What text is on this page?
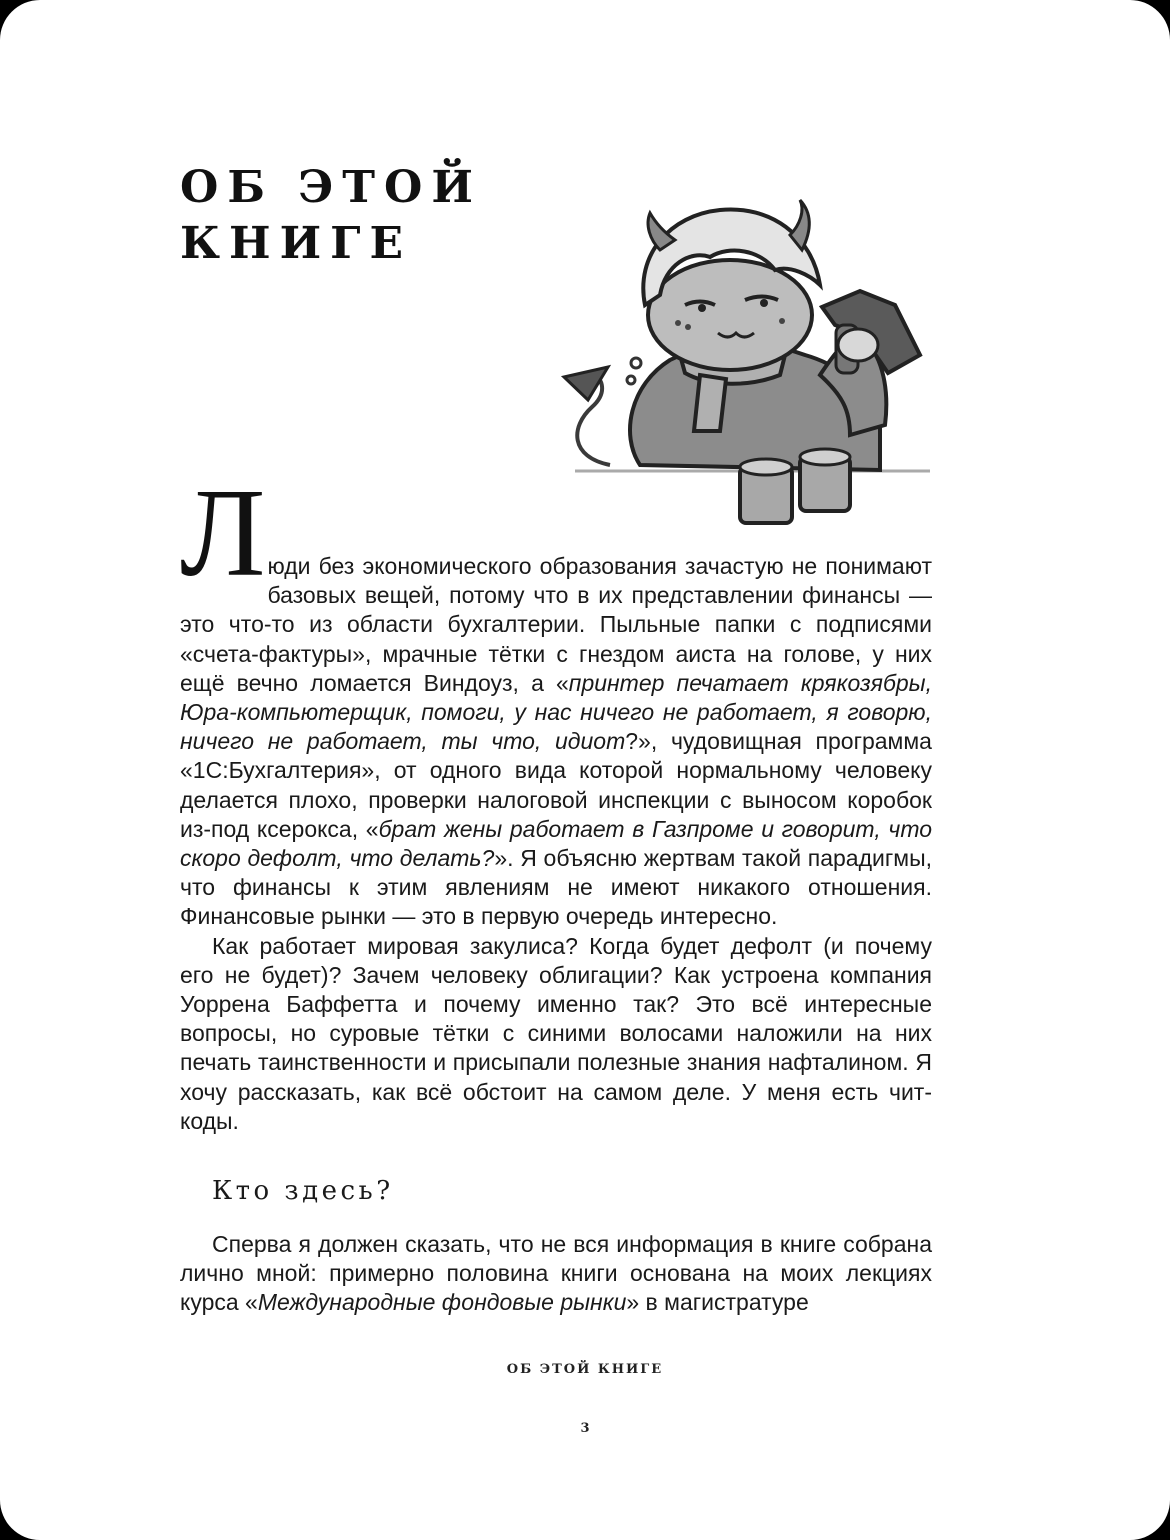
ОБ ЭТОЙ
КНИГЕ

Люди без экономического образования зачастую не понимают базовых вещей, потому что в их представлении финансы — это что-то из области бухгалтерии. Пыльные папки с подписями «счета-фактуры», мрачные тётки с гнездом аиста на голове, у них ещё вечно ломается Виндоуз, а «принтер печатает крякозябры, Юра-компьютерщик, помоги, у нас ничего не работает, я говорю, ничего не работает, ты что, идиот?», чудовищная программа «1С:Бухгалтерия», от одного вида которой нормальному человеку делается плохо, проверки налоговой инспекции с выносом коробок из-под ксерокса, «брат жены работает в Газпроме и говорит, что скоро дефолт, что делать?». Я объясню жертвам такой парадигмы, что финансы к этим явлениям не имеют никакого отношения. Финансовые рынки — это в первую очередь интересно.

Как работает мировая закулиса? Когда будет дефолт (и почему его не будет)? Зачем человеку облигации? Как устроена компания Уоррена Баффетта и почему именно так? Это всё интересные вопросы, но суровые тётки с синими волосами наложили на них печать таинственности и присыпали полезные знания нафталином. Я хочу рассказать, как всё обстоит на самом деле. У меня есть чит-коды.

Кто здесь?

Сперва я должен сказать, что не вся информация в книге собрана лично мной: примерно половина книги основана на моих лекциях курса «Международные фондовые рынки» в магистратуре

ОБ ЭТОЙ КНИГЕ
3
